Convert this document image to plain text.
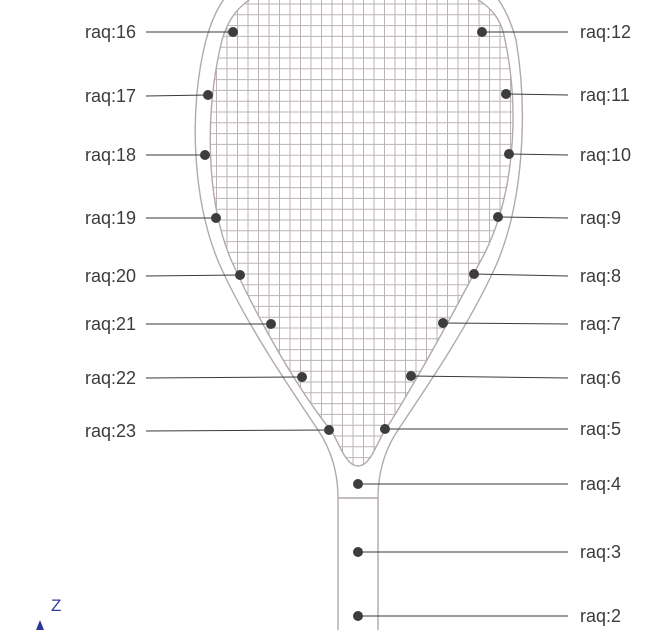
raq:2
raq:3
raq:4
raq:5
raq:6
raq:7
raq:8
raq:9
raq:10
raq:11
raq:12
raq:16
raq:17
raq:18
raq:19
raq:20
raq:21
raq:22
raq:23
Z
